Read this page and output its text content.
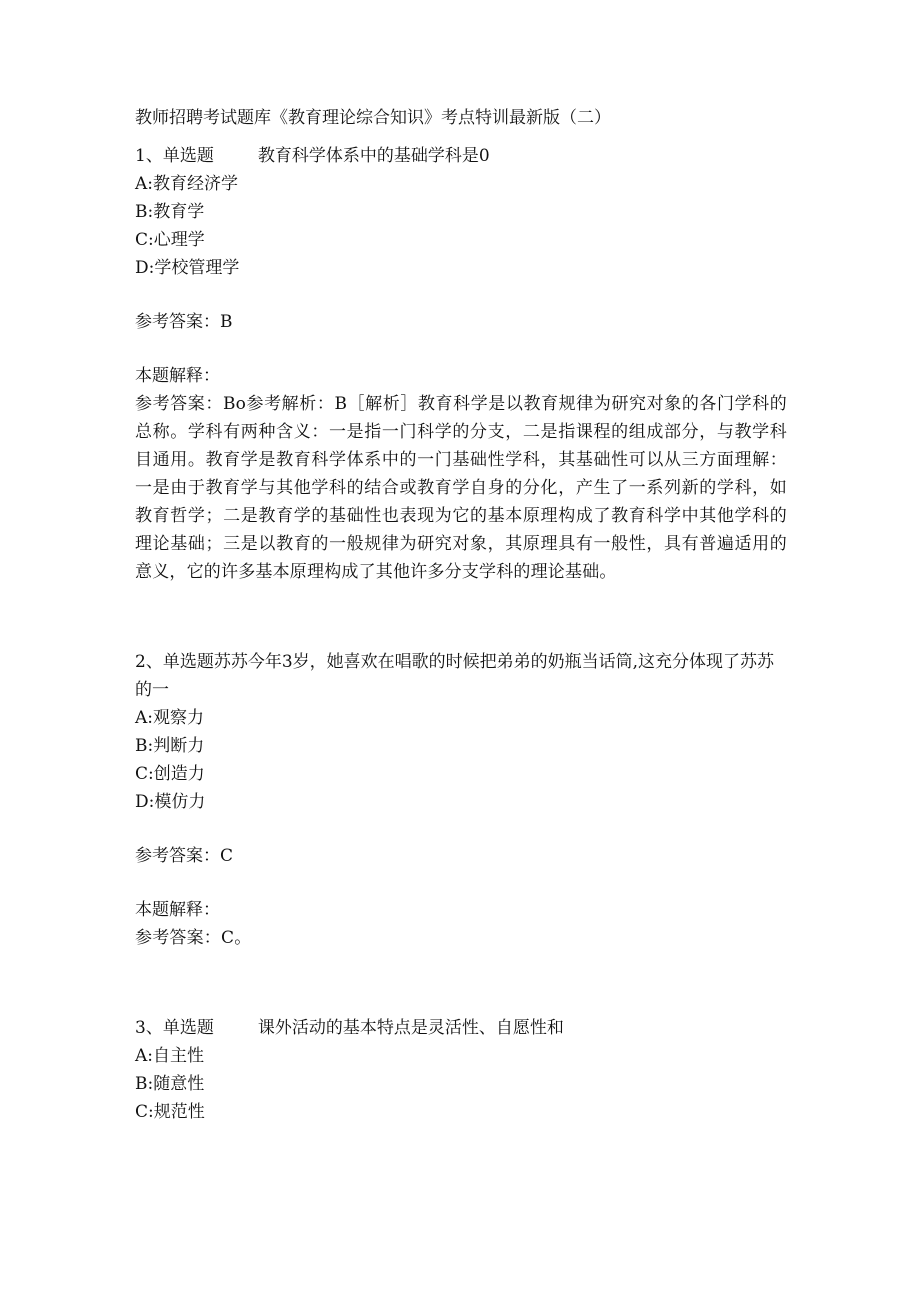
教师招聘考试题库《教育理论综合知识》考点特训最新版（二）

1、单选题	教育科学体系中的基础学科是0

A:教育经济学
B:教育学
C:心理学
D:学校管理学

参考答案：B

本题解释：

参考答案：Bo参考解析：B［解析］教育科学是以教育规律为研究对象的各门学科的总称。学科有两种含义：一是指一门科学的分支，二是指课程的组成部分，与教学科目通用。教育学是教育科学体系中的一门基础性学科，其基础性可以从三方面理解：一是由于教育学与其他学科的结合或教育学自身的分化，产生了一系列新的学科，如教育哲学；二是教育学的基础性也表现为它的基本原理构成了教育科学中其他学科的理论基础；三是以教育的一般规律为研究对象，其原理具有一般性，具有普遍适用的意义，它的许多基本原理构成了其他许多分支学科的理论基础。

2、单选题苏苏今年3岁，她喜欢在唱歌的时候把弟弟的奶瓶当话筒,这充分体现了苏苏的一

A:观察力
B:判断力
C:创造力
D:模仿力

参考答案：C

本题解释：

参考答案：C。

3、单选题	课外活动的基本特点是灵活性、自愿性和

A:自主性
B:随意性
C:规范性
